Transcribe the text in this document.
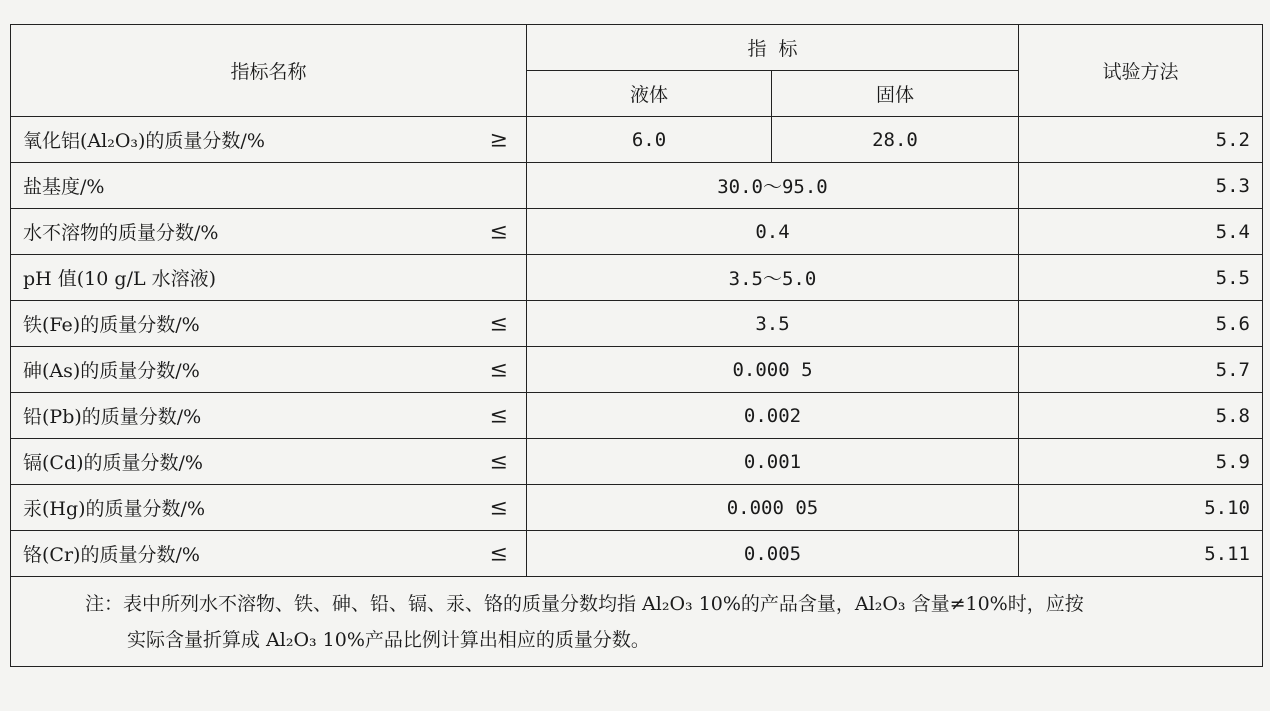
指标名称	指  标		试验方法
	液体	固体	
氧化铝(Al₂O₃)的质量分数/% ≥	6.0	28.0	5.2
盐基度/%	30.0～95.0		5.3
水不溶物的质量分数/% ≤	0.4		5.4
pH 值(10 g/L 水溶液)	3.5～5.0		5.5
铁(Fe)的质量分数/% ≤	3.5		5.6
砷(As)的质量分数/% ≤	0.000 5		5.7
铅(Pb)的质量分数/% ≤	0.002		5.8
镉(Cd)的质量分数/% ≤	0.001		5.9
汞(Hg)的质量分数/% ≤	0.000 05		5.10
铬(Cr)的质量分数/% ≤	0.005		5.11

注：表中所列水不溶物、铁、砷、铅、镉、汞、铬的质量分数均指 Al₂O₃ 10%的产品含量，Al₂O₃ 含量≠10%时，应按
实际含量折算成 Al₂O₃ 10%产品比例计算出相应的质量分数。			
